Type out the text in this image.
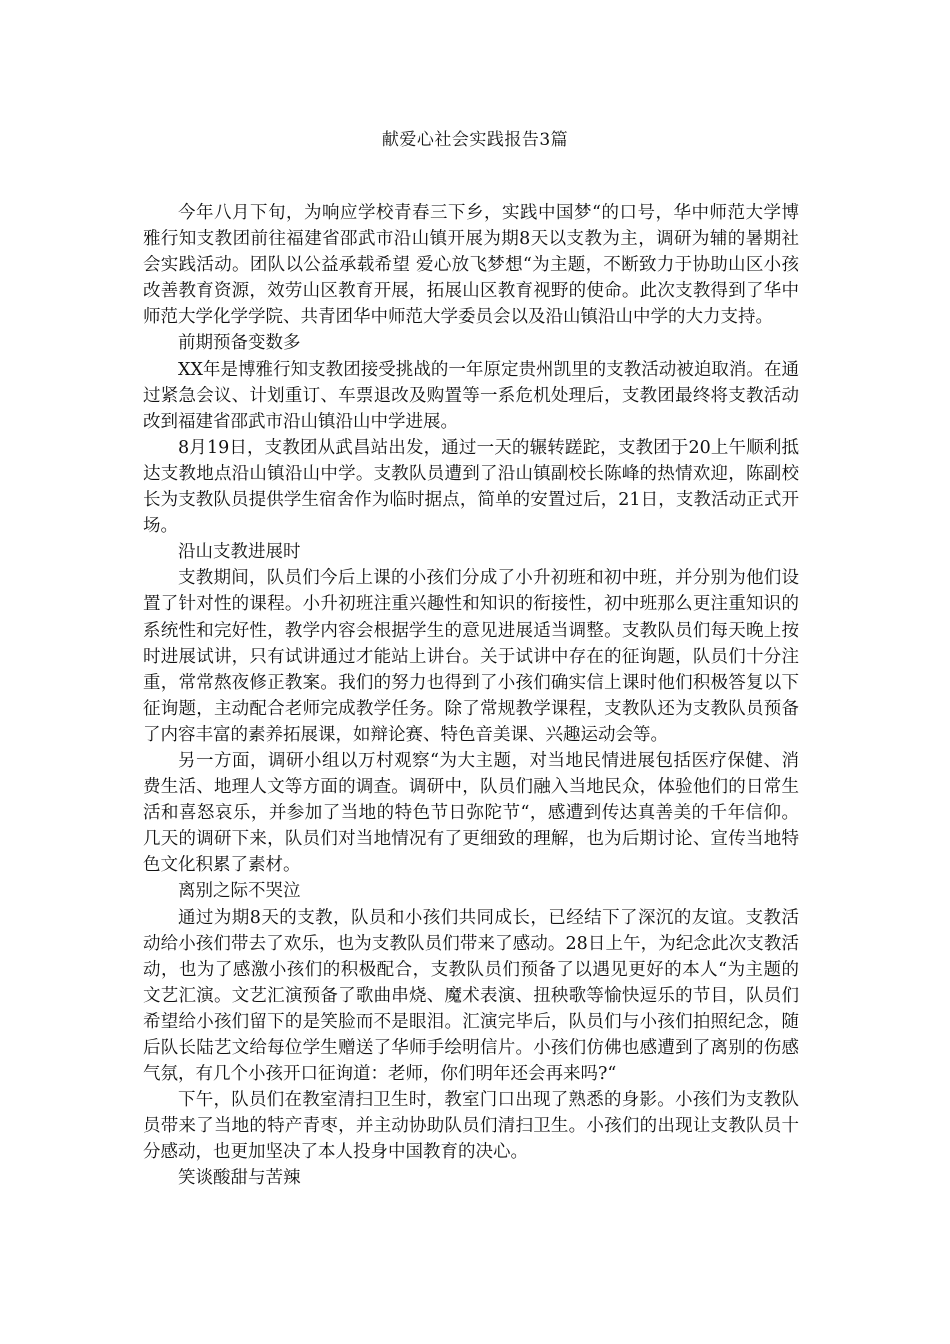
献爱心社会实践报告3篇

今年八月下旬，为响应学校青春三下乡，实践中国梦“的口号，华中师范大学博雅行知支教团前往福建省邵武市沿山镇开展为期8天以支教为主，调研为辅的暑期社会实践活动。团队以公益承载希望 爱心放飞梦想“为主题，不断致力于协助山区小孩改善教育资源，效劳山区教育开展，拓展山区教育视野的使命。此次支教得到了华中师范大学化学学院、共青团华中师范大学委员会以及沿山镇沿山中学的大力支持。

前期预备变数多

XX年是博雅行知支教团接受挑战的一年原定贵州凯里的支教活动被迫取消。在通过紧急会议、计划重订、车票退改及购置等一系危机处理后，支教团最终将支教活动改到福建省邵武市沿山镇沿山中学进展。

8月19日，支教团从武昌站出发，通过一天的辗转蹉跎，支教团于20上午顺利抵达支教地点沿山镇沿山中学。支教队员遭到了沿山镇副校长陈峰的热情欢迎，陈副校长为支教队员提供学生宿舍作为临时据点，简单的安置过后，21日，支教活动正式开场。

沿山支教进展时

支教期间，队员们今后上课的小孩们分成了小升初班和初中班，并分别为他们设置了针对性的课程。小升初班注重兴趣性和知识的衔接性，初中班那么更注重知识的系统性和完好性，教学内容会根据学生的意见进展适当调整。支教队员们每天晚上按时进展试讲，只有试讲通过才能站上讲台。关于试讲中存在的征询题，队员们十分注重，常常熬夜修正教案。我们的努力也得到了小孩们确实信上课时他们积极答复以下征询题，主动配合老师完成教学任务。除了常规教学课程，支教队还为支教队员预备了内容丰富的素养拓展课，如辩论赛、特色音美课、兴趣运动会等。

另一方面，调研小组以万村观察“为大主题，对当地民情进展包括医疗保健、消费生活、地理人文等方面的调查。调研中，队员们融入当地民众，体验他们的日常生活和喜怒哀乐，并参加了当地的特色节日弥陀节“，感遭到传达真善美的千年信仰。几天的调研下来，队员们对当地情况有了更细致的理解，也为后期讨论、宣传当地特色文化积累了素材。

离别之际不哭泣

通过为期8天的支教，队员和小孩们共同成长，已经结下了深沉的友谊。支教活动给小孩们带去了欢乐，也为支教队员们带来了感动。28日上午，为纪念此次支教活动，也为了感激小孩们的积极配合，支教队员们预备了以遇见更好的本人“为主题的文艺汇演。文艺汇演预备了歌曲串烧、魔术表演、扭秧歌等愉快逗乐的节目，队员们希望给小孩们留下的是笑脸而不是眼泪。汇演完毕后，队员们与小孩们拍照纪念，随后队长陆艺文给每位学生赠送了华师手绘明信片。小孩们仿佛也感遭到了离别的伤感气氛，有几个小孩开口征询道：老师，你们明年还会再来吗?“

下午，队员们在教室清扫卫生时，教室门口出现了熟悉的身影。小孩们为支教队员带来了当地的特产青枣，并主动协助队员们清扫卫生。小孩们的出现让支教队员十分感动，也更加坚决了本人投身中国教育的决心。

笑谈酸甜与苦辣
